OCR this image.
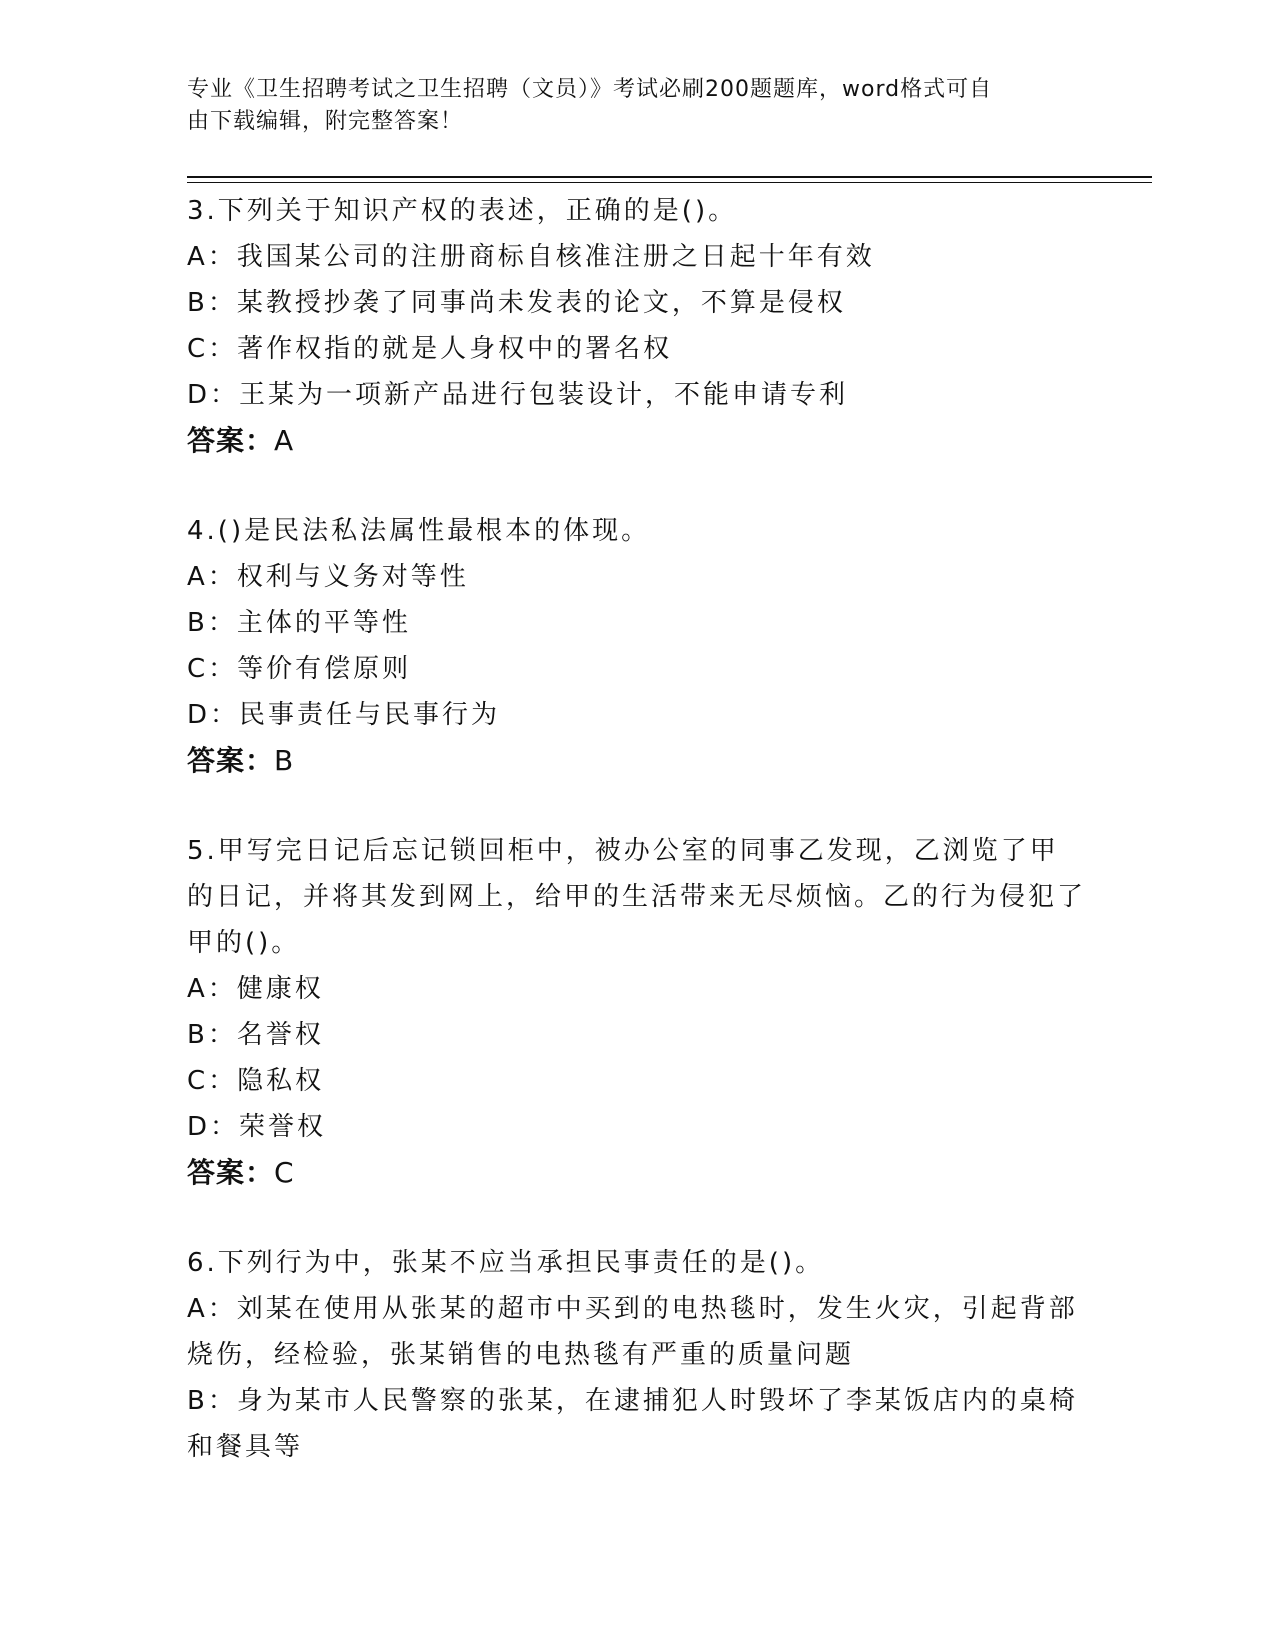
专业《卫生招聘考试之卫生招聘（文员）》考试必刷200题题库，word格式可自
由下载编辑，附完整答案！
3.下列关于知识产权的表述，正确的是()。
A：我国某公司的注册商标自核准注册之日起十年有效
B：某教授抄袭了同事尚未发表的论文，不算是侵权
C：著作权指的就是人身权中的署名权
D：王某为一项新产品进行包装设计，不能申请专利
答案：A
4.()是民法私法属性最根本的体现。
A：权利与义务对等性
B：主体的平等性
C：等价有偿原则
D：民事责任与民事行为
答案：B
5.甲写完日记后忘记锁回柜中，被办公室的同事乙发现，乙浏览了甲的日记，并将其发到网上，给甲的生活带来无尽烦恼。乙的行为侵犯了甲的()。
A：健康权
B：名誉权
C：隐私权
D：荣誉权
答案：C
6.下列行为中，张某不应当承担民事责任的是()。
A：刘某在使用从张某的超市中买到的电热毯时，发生火灾，引起背部烧伤，经检验，张某销售的电热毯有严重的质量问题
B：身为某市人民警察的张某，在逮捕犯人时毁坏了李某饭店内的桌椅和餐具等
